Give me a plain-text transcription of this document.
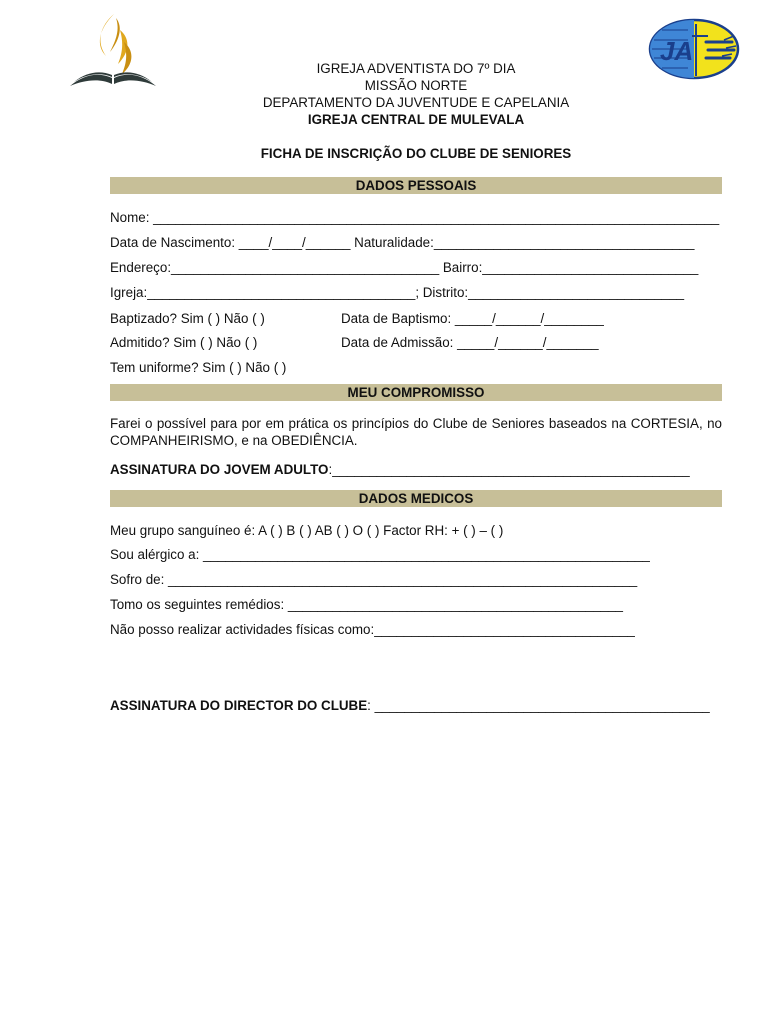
JA
IGREJA ADVENTISTA DO 7º DIA
MISSÃO NORTE
DEPARTAMENTO DA JUVENTUDE E CAPELANIA
IGREJA CENTRAL DE MULEVALA
FICHA DE INSCRIÇÃO DO CLUBE DE SENIORES
DADOS PESSOAIS
Nome: ____________________________________________________________________________
Data de Nascimento: ____/____/______ Naturalidade:___________________________________
Endereço:____________________________________ Bairro:_____________________________
Igreja:____________________________________; Distrito:_____________________________
Baptizado? Sim ( ) Não ( )	Data de Baptismo: _____/______/________
Admitido? Sim ( ) Não ( )	Data de Admissão: _____/______/_______
Tem uniforme? Sim ( ) Não ( )
MEU COMPROMISSO
Farei o possível para por em prática os princípios do Clube de Seniores baseados na CORTESIA, no COMPANHEIRISMO, e na OBEDIÊNCIA.
ASSINATURA DO JOVEM ADULTO:________________________________________________
DADOS MEDICOS
Meu grupo sanguíneo é: A ( ) B ( ) AB ( ) O ( ) Factor RH: + ( ) – ( )
Sou alérgico a: ____________________________________________________________
Sofro de: _______________________________________________________________
Tomo os seguintes remédios: _____________________________________________
Não posso realizar actividades físicas como:___________________________________
ASSINATURA DO DIRECTOR DO CLUBE: _____________________________________________
